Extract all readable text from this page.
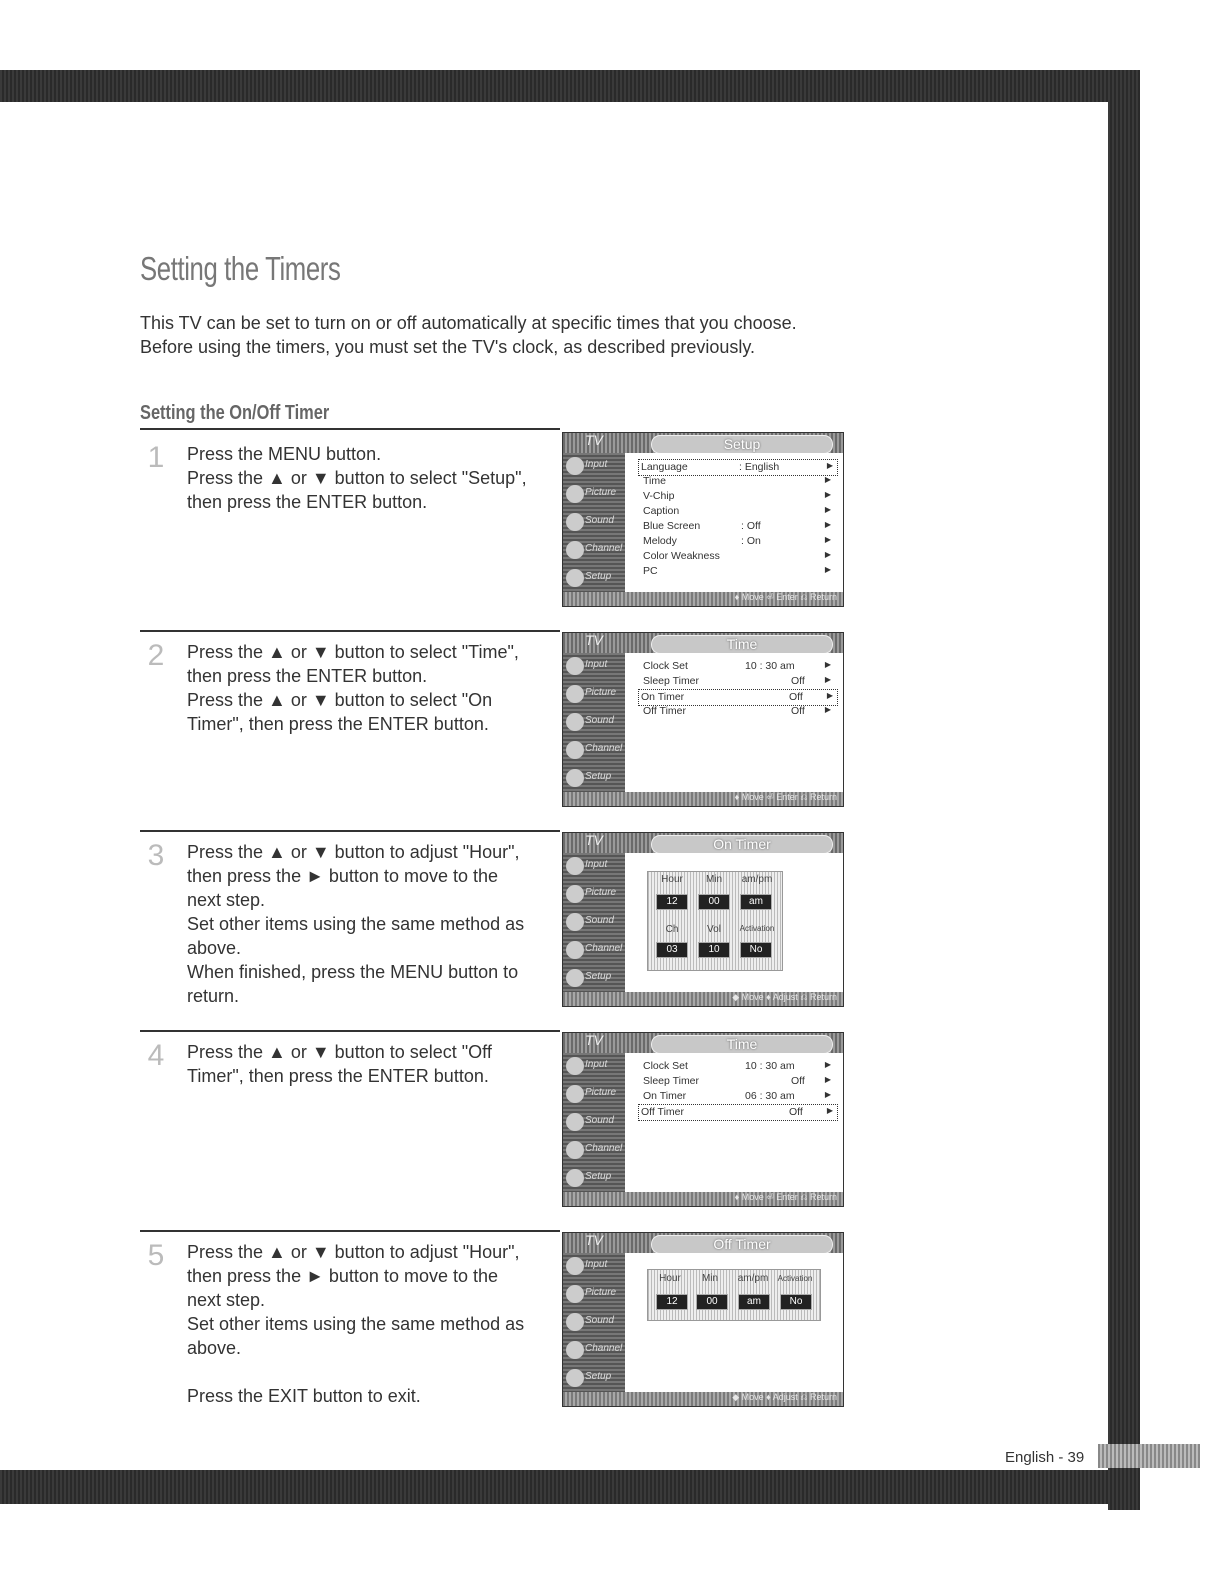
English - 39
Setting the Timers

This TV can be set to turn on or off automatically at specific times that you choose. Before using the timers, you must set the TV's clock, as described previously.

Setting the On/Off Timer
1	Press the MENU button.
Press the ▲ or ▼ button to select "Setup",
then press the ENTER button.
2	Press the ▲ or ▼ button to select "Time",
then press the ENTER button.
Press the ▲ or ▼ button to select "On
Timer", then press the ENTER button.
3	Press the ▲ or ▼ button to adjust "Hour",
then press the ► button to move to the
next step.
Set other items using the same method as
above.
When finished, press the MENU button to
return.
4	Press the ▲ or ▼ button to select "Off
Timer", then press the ENTER button.
5	Press the ▲ or ▼ button to adjust "Hour",
then press the ► button to move to the
next step.
Set other items using the same method as
above.
Press the EXIT button to exit.
TV	Setup
Input
Picture
Sound
Channel
Setup
Language	: English	▶
Time	▶
V-Chip	▶
Caption	▶
Blue Screen	: Off	▶
Melody	: On	▶
Color Weakness	▶
PC	▶
♦ Move ⏎ Enter ⎌ Return
TV	Time
Input
Picture
Sound
Channel
Setup
Clock Set	10 : 30 am	▶
Sleep Timer	Off	▶
On Timer	Off	▶
Off Timer	Off	▶
♦ Move ⏎ Enter ⎌ Return
TV	On Timer
Input
Picture
Sound
Channel
Setup
Hour	Min	am/pm
12	00	am
Ch	Vol	Activation
03	10	No
◆ Move ♦ Adjust ⎌ Return
TV	Time
Input
Picture
Sound
Channel
Setup
Clock Set	10 : 30 am	▶
Sleep Timer	Off	▶
On Timer	06 : 30 am	▶
Off Timer	Off	▶
♦ Move ⏎ Enter ⎌ Return
TV	Off Timer
Input
Picture
Sound
Channel
Setup
Hour	Min	am/pm	Activation
12	00	am	No
◆ Move ♦ Adjust ⎌ Return
